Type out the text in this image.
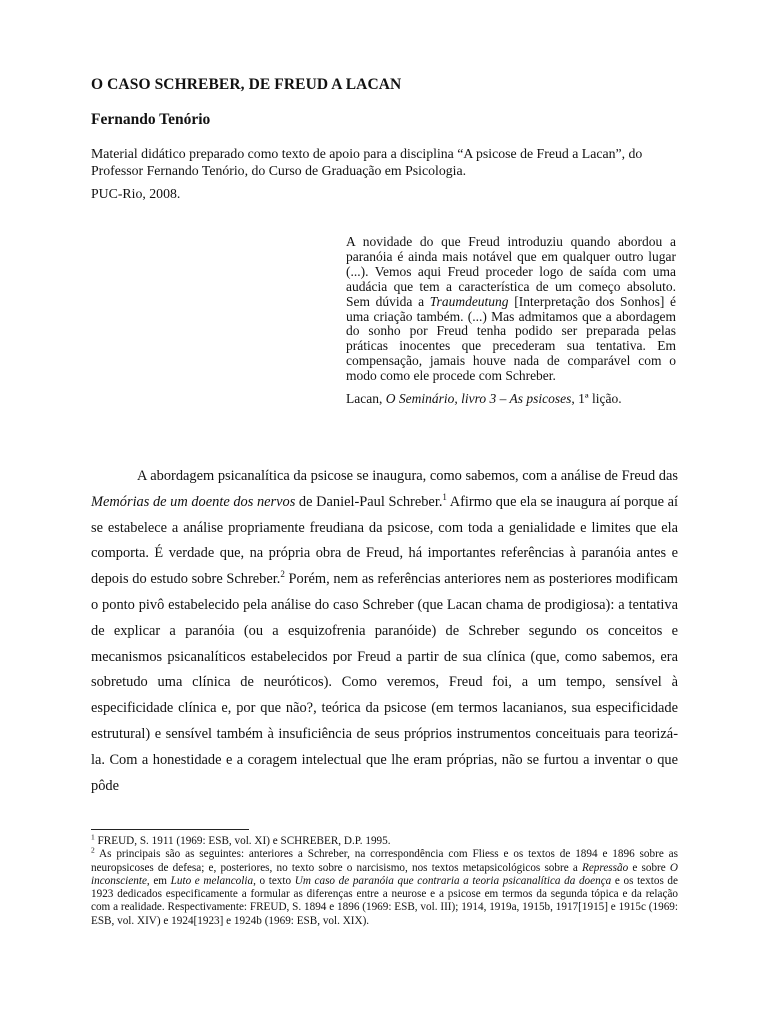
O CASO SCHREBER, DE FREUD A LACAN
Fernando Tenório

Material didático preparado como texto de apoio para a disciplina “A psicose de Freud a Lacan”, do Professor Fernando Tenório, do Curso de Graduação em Psicologia.

PUC-Rio, 2008.

A novidade do que Freud introduziu quando abordou a paranóia é ainda mais notável que em qualquer outro lugar (...). Vemos aqui Freud proceder logo de saída com uma audácia que tem a característica de um começo absoluto. Sem dúvida a Traumdeutung [Interpretação dos Sonhos] é uma criação também. (...) Mas admitamos que a abordagem do sonho por Freud tenha podido ser preparada pelas práticas inocentes que precederam sua tentativa. Em compensação, jamais houve nada de comparável com o modo como ele procede com Schreber.

Lacan, O Seminário, livro 3 – As psicoses, 1ª lição.

A abordagem psicanalítica da psicose se inaugura, como sabemos, com a análise de Freud das Memórias de um doente dos nervos de Daniel-Paul Schreber.$^1$ Afirmo que ela se inaugura aí porque aí se estabelece a análise propriamente freudiana da psicose, com toda a genialidade e limites que ela comporta. É verdade que, na própria obra de Freud, há importantes referências à paranóia antes e depois do estudo sobre Schreber.$^2$ Porém, nem as referências anteriores nem as posteriores modificam o ponto pivô estabelecido pela análise do caso Schreber (que Lacan chama de prodigiosa): a tentativa de explicar a paranóia (ou a esquizofrenia paranóide) de Schreber segundo os conceitos e mecanismos psicanalíticos estabelecidos por Freud a partir de sua clínica (que, como sabemos, era sobretudo uma clínica de neuróticos). Como veremos, Freud foi, a um tempo, sensível à especificidade clínica e, por que não?, teórica da psicose (em termos lacanianos, sua especificidade estrutural) e sensível também à insuficiência de seus próprios instrumentos conceituais para teorizá-la. Com a honestidade e a coragem intelectual que lhe eram próprias, não se furtou a inventar o que pôde

$^1$ FREUD, S. 1911 (1969: ESB, vol. XI) e SCHREBER, D.P. 1995.

$^2$ As principais são as seguintes: anteriores a Schreber, na correspondência com Fliess e os textos de 1894 e 1896 sobre as neuropsicoses de defesa; e, posteriores, no texto sobre o narcisismo, nos textos metapsicológicos sobre a Repressão e sobre O inconsciente, em Luto e melancolia, o texto Um caso de paranóia que contraria a teoria psicanalítica da doença e os textos de 1923 dedicados especificamente a formular as diferenças entre a neurose e a psicose em termos da segunda tópica e da relação com a realidade. Respectivamente: FREUD, S. 1894 e 1896 (1969: ESB, vol. III); 1914, 1919a, 1915b, 1917[1915] e 1915c (1969: ESB, vol. XIV) e 1924[1923] e 1924b (1969: ESB, vol. XIX).
